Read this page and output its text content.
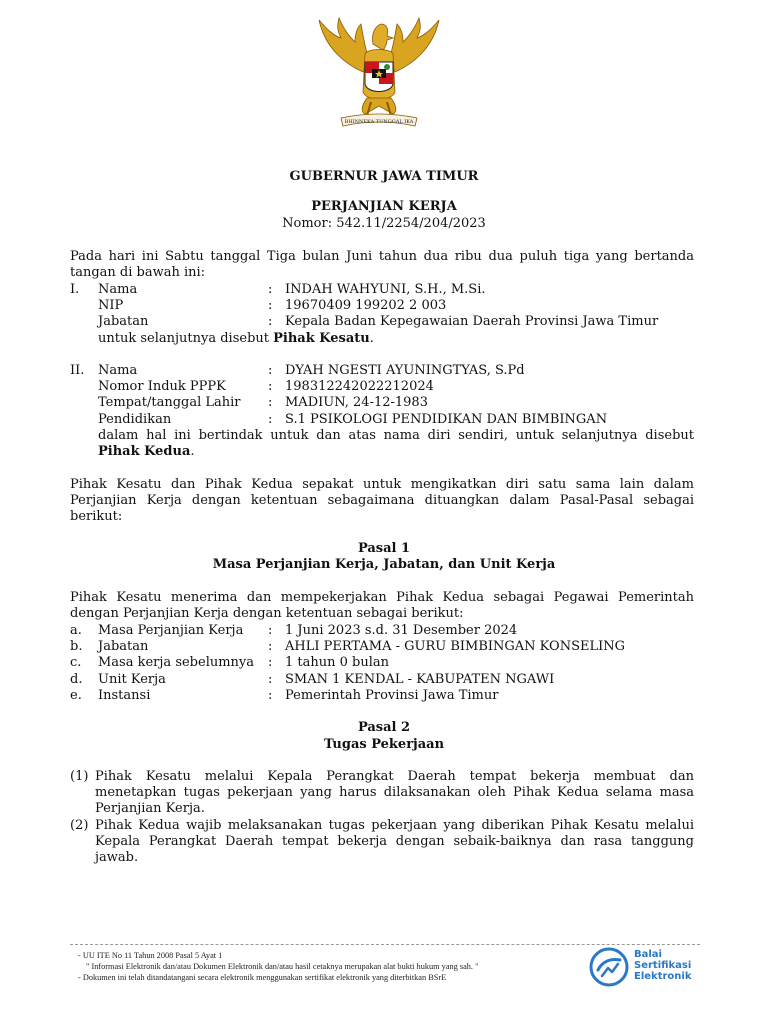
BHINNEKA TUNGGAL IKA
GUBERNUR JAWA TIMUR
PERJANJIAN KERJA
Nomor: 542.11/2254/204/2023
Pada hari ini Sabtu tanggal Tiga bulan Juni tahun dua ribu dua puluh tiga yang bertanda
tangan di bawah ini:
I. Nama	: INDAH WAHYUNI, S.H., M.Si.
NIP	: 19670409 199202 2 003
Jabatan	: Kepala Badan Kepegawaian Daerah Provinsi Jawa Timur
untuk selanjutnya disebut Pihak Kesatu.
II. Nama	: DYAH NGESTI AYUNINGTYAS, S.Pd
Nomor Induk PPPK	: 198312242022212024
Tempat/tanggal Lahir : MADIUN, 24-12-1983
Pendidikan	: S.1 PSIKOLOGI PENDIDIKAN DAN BIMBINGAN
dalam hal ini bertindak untuk dan atas nama diri sendiri, untuk selanjutnya disebut
Pihak Kedua.
Pihak Kesatu dan Pihak Kedua sepakat untuk mengikatkan diri satu sama lain dalam
Perjanjian Kerja dengan ketentuan sebagaimana dituangkan dalam Pasal-Pasal sebagai
berikut:
Pasal 1
Masa Perjanjian Kerja, Jabatan, dan Unit Kerja
Pihak Kesatu menerima dan mempekerjakan Pihak Kedua sebagai Pegawai Pemerintah
dengan Perjanjian Kerja dengan ketentuan sebagai berikut:
a. Masa Perjanjian Kerja : 1 Juni 2023 s.d. 31 Desember 2024
b. Jabatan	: AHLI PERTAMA - GURU BIMBINGAN KONSELING
c. Masa kerja sebelumnya : 1 tahun 0 bulan
d. Unit Kerja	: SMAN 1 KENDAL - KABUPATEN NGAWI
e. Instansi	: Pemerintah Provinsi Jawa Timur
Pasal 2
Tugas Pekerjaan
(1) Pihak Kesatu melalui Kepala Perangkat Daerah tempat bekerja membuat dan
menetapkan tugas pekerjaan yang harus dilaksanakan oleh Pihak Kedua selama masa
Perjanjian Kerja.
(2) Pihak Kedua wajib melaksanakan tugas pekerjaan yang diberikan Pihak Kesatu melalui
Kepala Perangkat Daerah tempat bekerja dengan sebaik-baiknya dan rasa tanggung
jawab.
- UU ITE No 11 Tahun 2008 Pasal 5 Ayat 1
" Informasi Elektronik dan/atau Dokumen Elektronik dan/atau hasil cetaknya merupakan alat bukti hukum yang sah. "
- Dokumen ini telah ditandatangani secara elektronik menggunakan sertifikat elektronik yang diterbitkan BSrE
Balai
Sertifikasi
Elektronik
